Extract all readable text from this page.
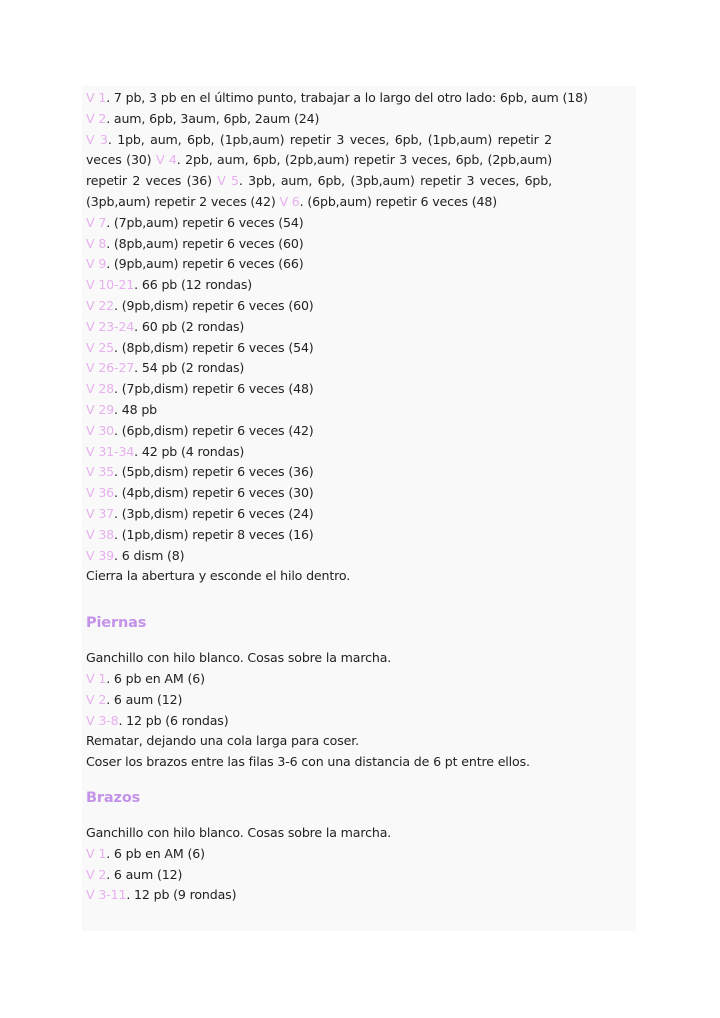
V 1. 7 pb, 3 pb en el último punto, trabajar a lo largo del otro lado: 6pb, aum (18)
V 2. aum, 6pb, 3aum, 6pb, 2aum (24)

V 3. 1pb, aum, 6pb, (1pb,aum) repetir 3 veces, 6pb, (1pb,aum) repetir 2 veces (30) V 4. 2pb, aum, 6pb, (2pb,aum) repetir 3 veces, 6pb, (2pb,aum) repetir 2 veces (36) V 5. 3pb, aum, 6pb, (3pb,aum) repetir 3 veces, 6pb, (3pb,aum) repetir 2 veces (42) V 6. (6pb,aum) repetir 6 veces (48)

V 7. (7pb,aum) repetir 6 veces (54)
V 8. (8pb,aum) repetir 6 veces (60)
V 9. (9pb,aum) repetir 6 veces (66)
V 10-21. 66 pb (12 rondas)
V 22. (9pb,dism) repetir 6 veces (60)
V 23-24. 60 pb (2 rondas)
V 25. (8pb,dism) repetir 6 veces (54)
V 26-27. 54 pb (2 rondas)
V 28. (7pb,dism) repetir 6 veces (48)
V 29. 48 pb
V 30. (6pb,dism) repetir 6 veces (42)
V 31-34. 42 pb (4 rondas)
V 35. (5pb,dism) repetir 6 veces (36)
V 36. (4pb,dism) repetir 6 veces (30)
V 37. (3pb,dism) repetir 6 veces (24)
V 38. (1pb,dism) repetir 8 veces (16)
V 39. 6 dism (8)
Cierra la abertura y esconde el hilo dentro.
Piernas
Ganchillo con hilo blanco. Cosas sobre la marcha.
V 1. 6 pb en AM (6)
V 2. 6 aum (12)
V 3-8. 12 pb (6 rondas)
Rematar, dejando una cola larga para coser.
Coser los brazos entre las filas 3-6 con una distancia de 6 pt entre ellos.
Brazos
Ganchillo con hilo blanco. Cosas sobre la marcha.
V 1. 6 pb en AM (6)
V 2. 6 aum (12)
V 3-11. 12 pb (9 rondas)
